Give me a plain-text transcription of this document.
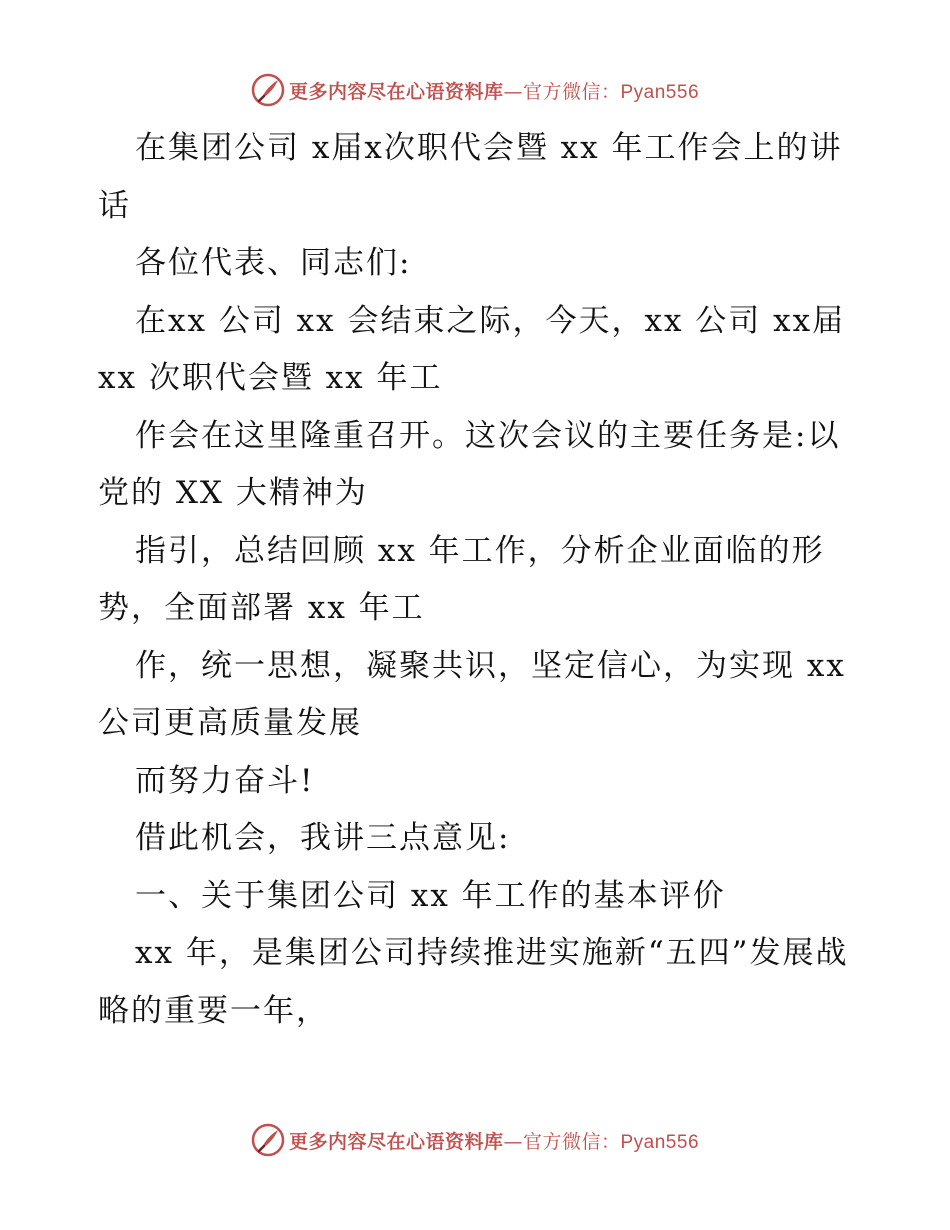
更多内容尽在心语资料库—官方微信：Pyan556

在集团公司 x届x次职代会暨 xx 年工作会上的讲话

各位代表、同志们:

在xx 公司 xx 会结束之际，今天，xx 公司 xx届xx 次职代会暨 xx 年工

作会在这里隆重召开。这次会议的主要任务是:以党的 XX 大精神为

指引，总结回顾 xx 年工作，分析企业面临的形势，全面部署 xx 年工

作，统一思想，凝聚共识，坚定信心，为实现 xx 公司更高质量发展

而努力奋斗!

借此机会，我讲三点意见:

一、关于集团公司 xx 年工作的基本评价

xx 年，是集团公司持续推进实施新“五四”发展战略的重要一年，

更多内容尽在心语资料库—官方微信：Pyan556
